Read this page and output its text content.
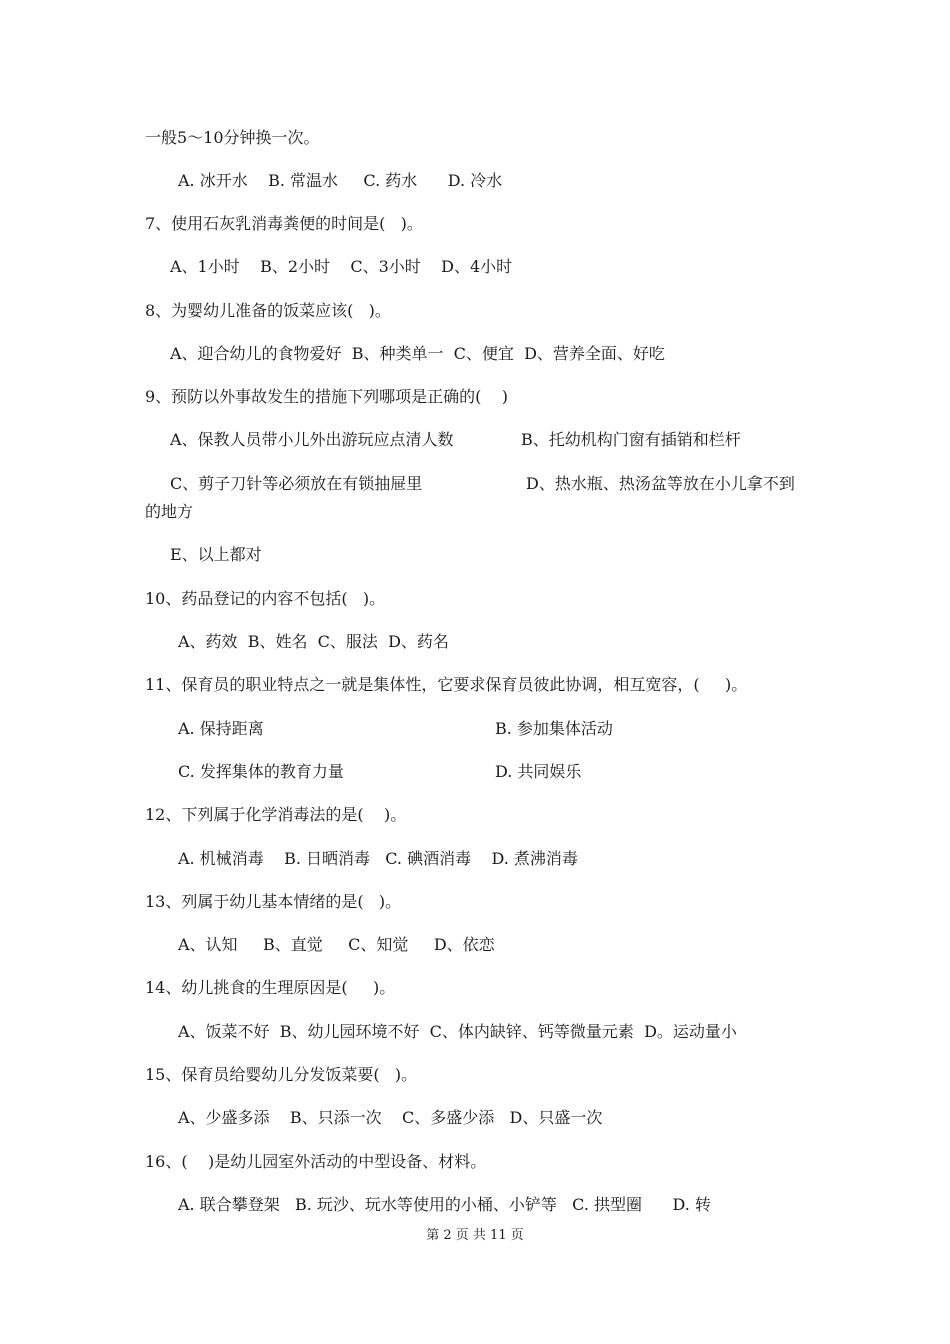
一般5～10分钟换一次。
A. 冰开水    B. 常温水     C. 药水      D. 冷水
7、使用石灰乳消毒粪便的时间是(   )。
A、1小时    B、2小时    C、3小时    D、4小时
8、为婴幼儿准备的饭菜应该(   )。
A、迎合幼儿的食物爱好  B、种类单一  C、便宜  D、营养全面、好吃
9、预防以外事故发生的措施下列哪项是正确的(    )
A、保教人员带小儿外出游玩应点清人数	B、托幼机构门窗有插销和栏杆
C、剪子刀针等必须放在有锁抽屉里	D、热水瓶、热汤盆等放在小儿拿不到
的地方
E、以上都对
10、药品登记的内容不包括(   )。
A、药效  B、姓名  C、服法  D、药名
11、保育员的职业特点之一就是集体性，它要求保育员彼此协调，相互宽容，(     )。
A. 保持距离	B. 参加集体活动
C. 发挥集体的教育力量	D. 共同娱乐
12、下列属于化学消毒法的是(    )。
A. 机械消毒    B. 日晒消毒   C. 碘酒消毒    D. 煮沸消毒
13、列属于幼儿基本情绪的是(   )。
A、认知     B、直觉     C、知觉     D、依恋
14、幼儿挑食的生理原因是(     )。
A、饭菜不好  B、幼儿园环境不好  C、体内缺锌、钙等微量元素  D。运动量小
15、保育员给婴幼儿分发饭菜要(   )。
A、少盛多添    B、只添一次    C、多盛少添   D、只盛一次
16、(    )是幼儿园室外活动的中型设备、材料。
A. 联合攀登架   B. 玩沙、玩水等使用的小桶、小铲等   C. 拱型圈      D. 转
第 2 页 共 11 页
